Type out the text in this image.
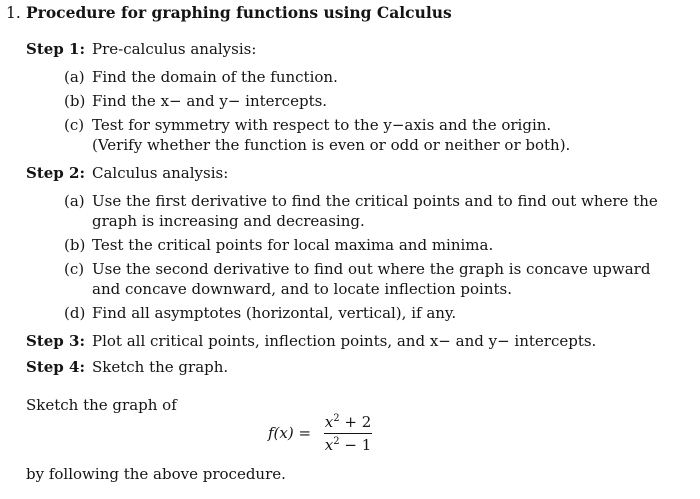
1. Procedure for graphing functions using Calculus
Step 1: Pre-calculus analysis:
(a) Find the domain of the function.
(b) Find the x− and y− intercepts.
(c) Test for symmetry with respect to the y−axis and the origin.
(Verify whether the function is even or odd or neither or both).
Step 2: Calculus analysis:
(a) Use the first derivative to find the critical points and to find out where the
graph is increasing and decreasing.
(b) Test the critical points for local maxima and minima.
(c) Use the second derivative to find out where the graph is concave upward
and concave downward, and to locate inflection points.
(d) Find all asymptotes (horizontal, vertical), if any.
Step 3: Plot all critical points, inflection points, and x− and y− intercepts.
Step 4: Sketch the graph.
Sketch the graph of
f(x) =
$x^2 + 2$
$x^2 - 1$
by following the above procedure.
